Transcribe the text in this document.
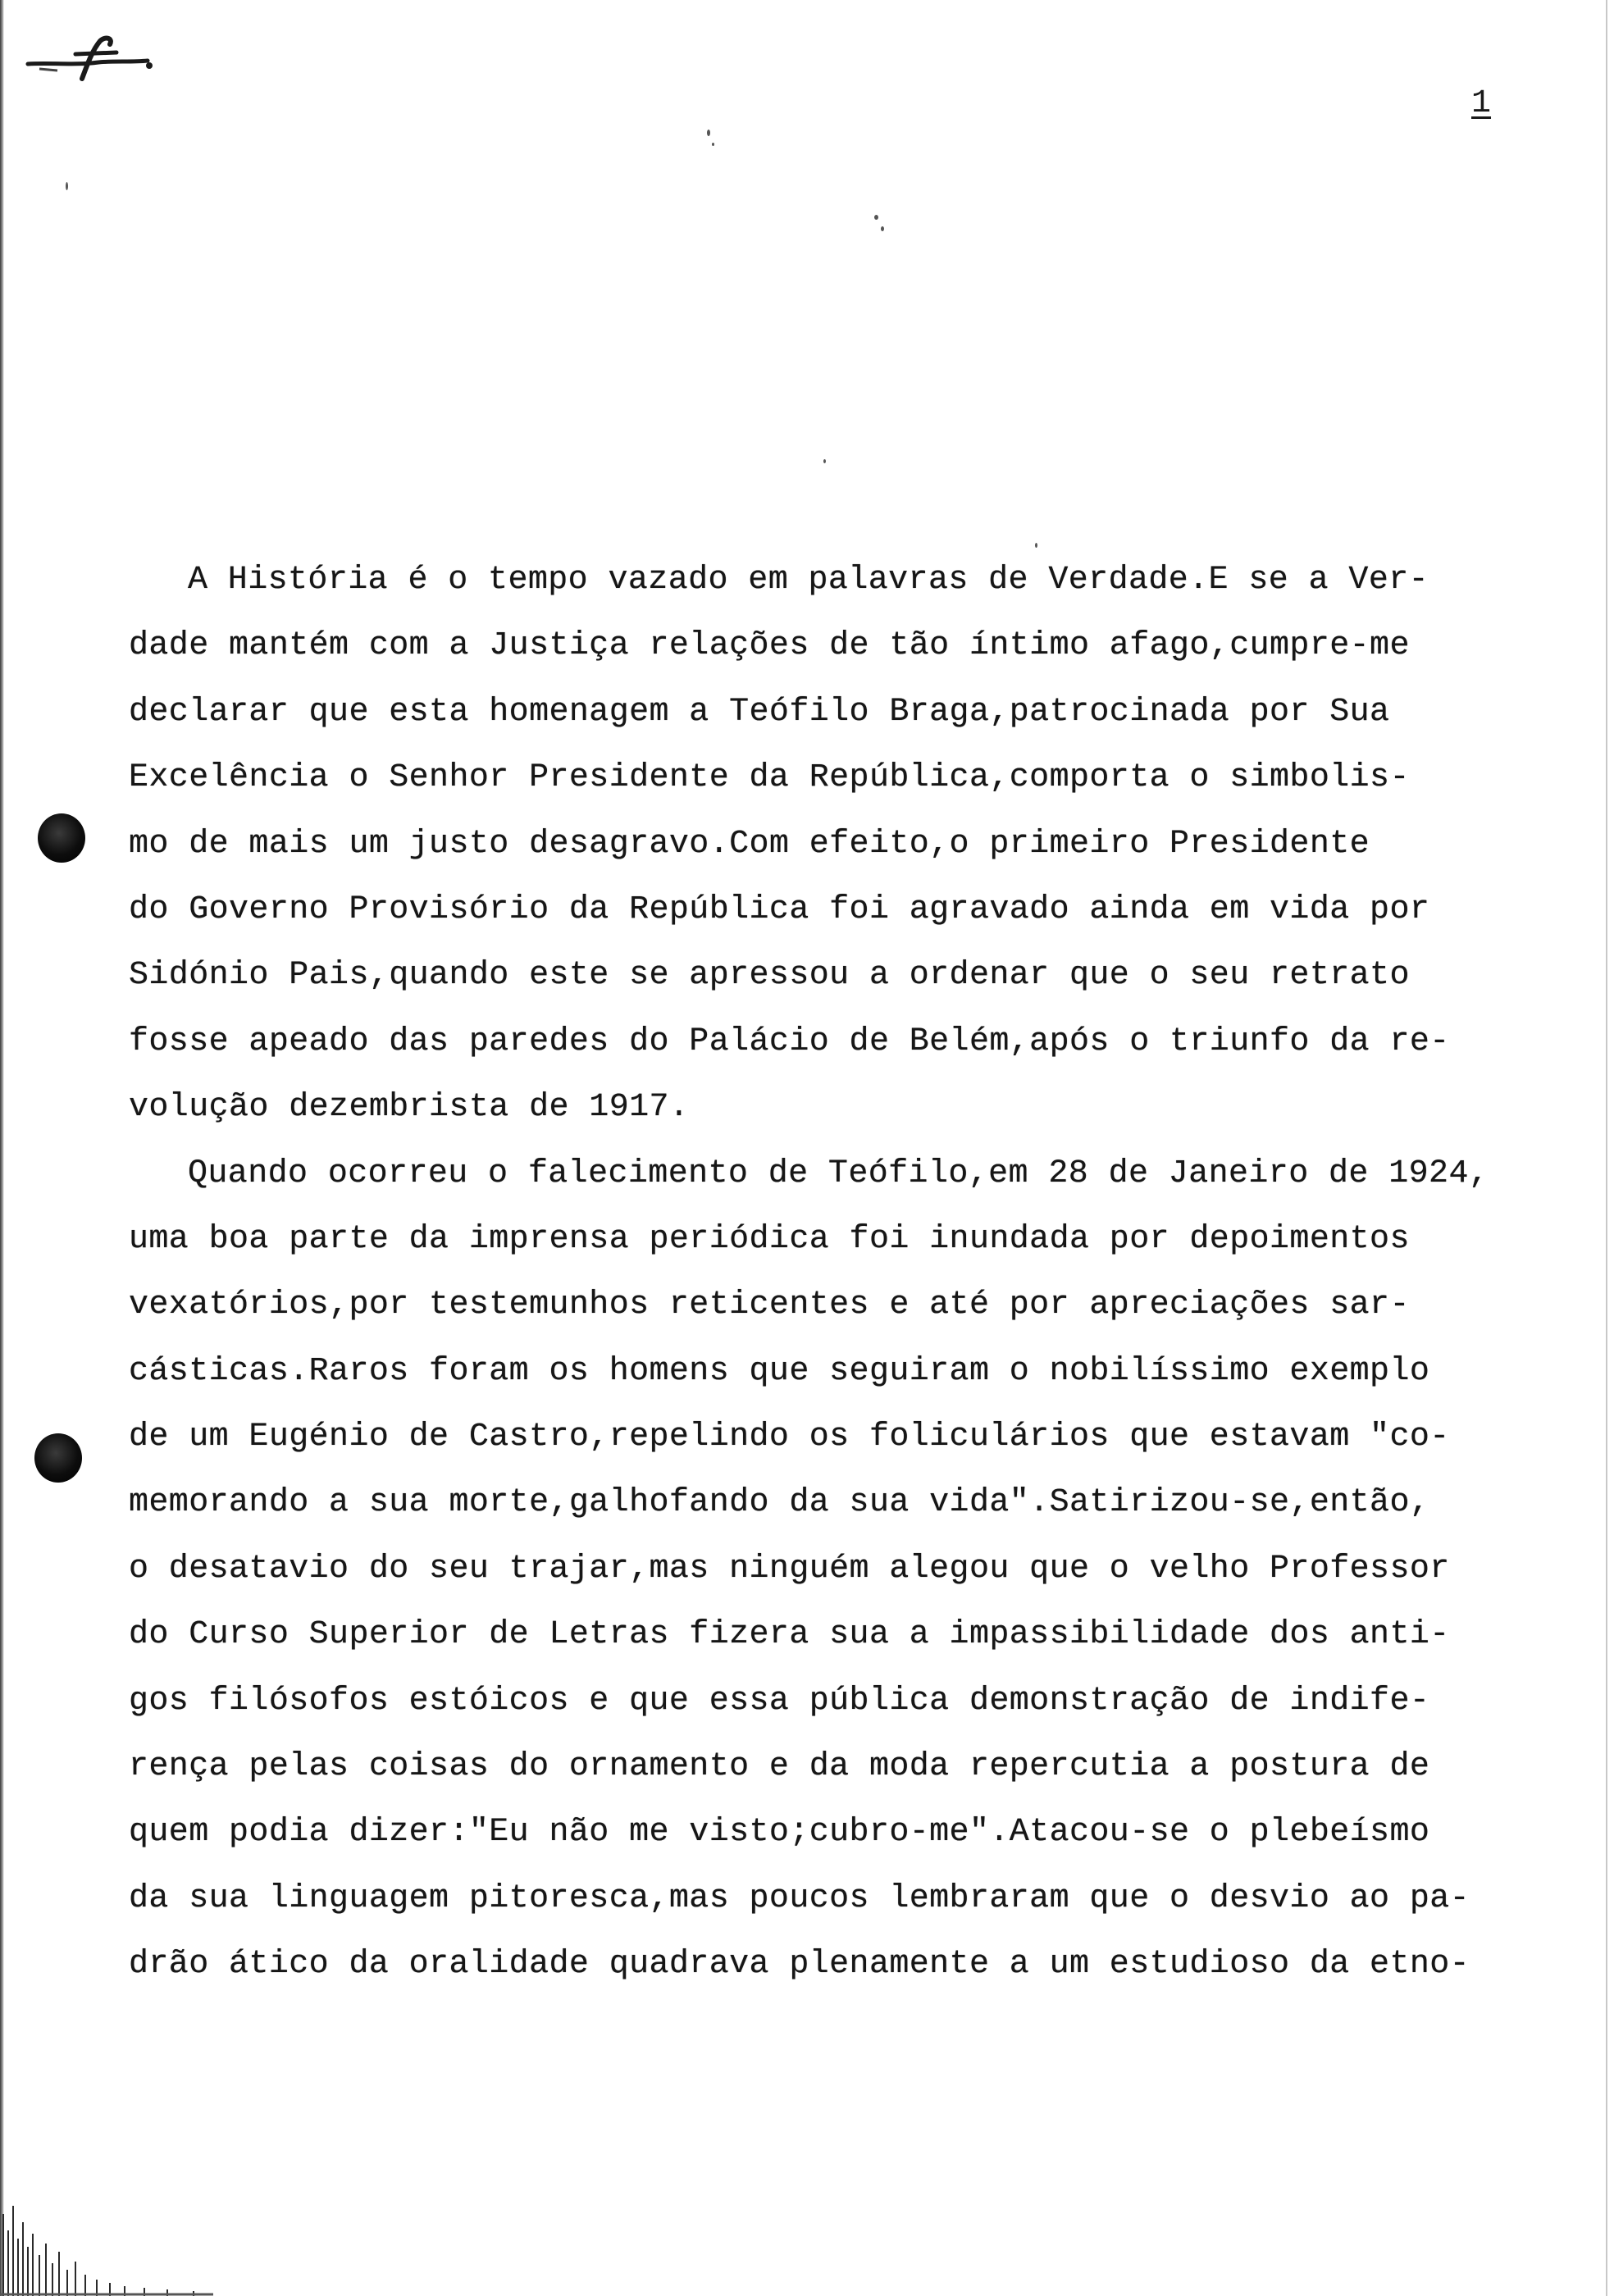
1
A História é o tempo vazado em palavras de Verdade.E se a Ver-
dade mantém com a Justiça relações de tão íntimo afago,cumpre-me
declarar que esta homenagem a Teófilo Braga,patrocinada por Sua
Excelência o Senhor Presidente da República,comporta o simbolis-
mo de mais um justo desagravo.Com efeito,o primeiro Presidente
do Governo Provisório da República foi agravado ainda em vida por
Sidónio Pais,quando este se apressou a ordenar que o seu retrato
fosse apeado das paredes do Palácio de Belém,após o triunfo da re-
volução dezembrista de 1917.
Quando ocorreu o falecimento de Teófilo,em 28 de Janeiro de 1924,
uma boa parte da imprensa periódica foi inundada por depoimentos
vexatórios,por testemunhos reticentes e até por apreciações sar-
cásticas.Raros foram os homens que seguiram o nobilíssimo exemplo
de um Eugénio de Castro,repelindo os foliculários que estavam "co-
memorando a sua morte,galhofando da sua vida".Satirizou-se,então,
o desatavio do seu trajar,mas ninguém alegou que o velho Professor
do Curso Superior de Letras fizera sua a impassibilidade dos anti-
gos filósofos estóicos e que essa pública demonstração de indife-
rença pelas coisas do ornamento e da moda repercutia a postura de
quem podia dizer:"Eu não me visto;cubro-me".Atacou-se o plebeísmo
da sua linguagem pitoresca,mas poucos lembraram que o desvio ao pa-
drão ático da oralidade quadrava plenamente a um estudioso da etno-
